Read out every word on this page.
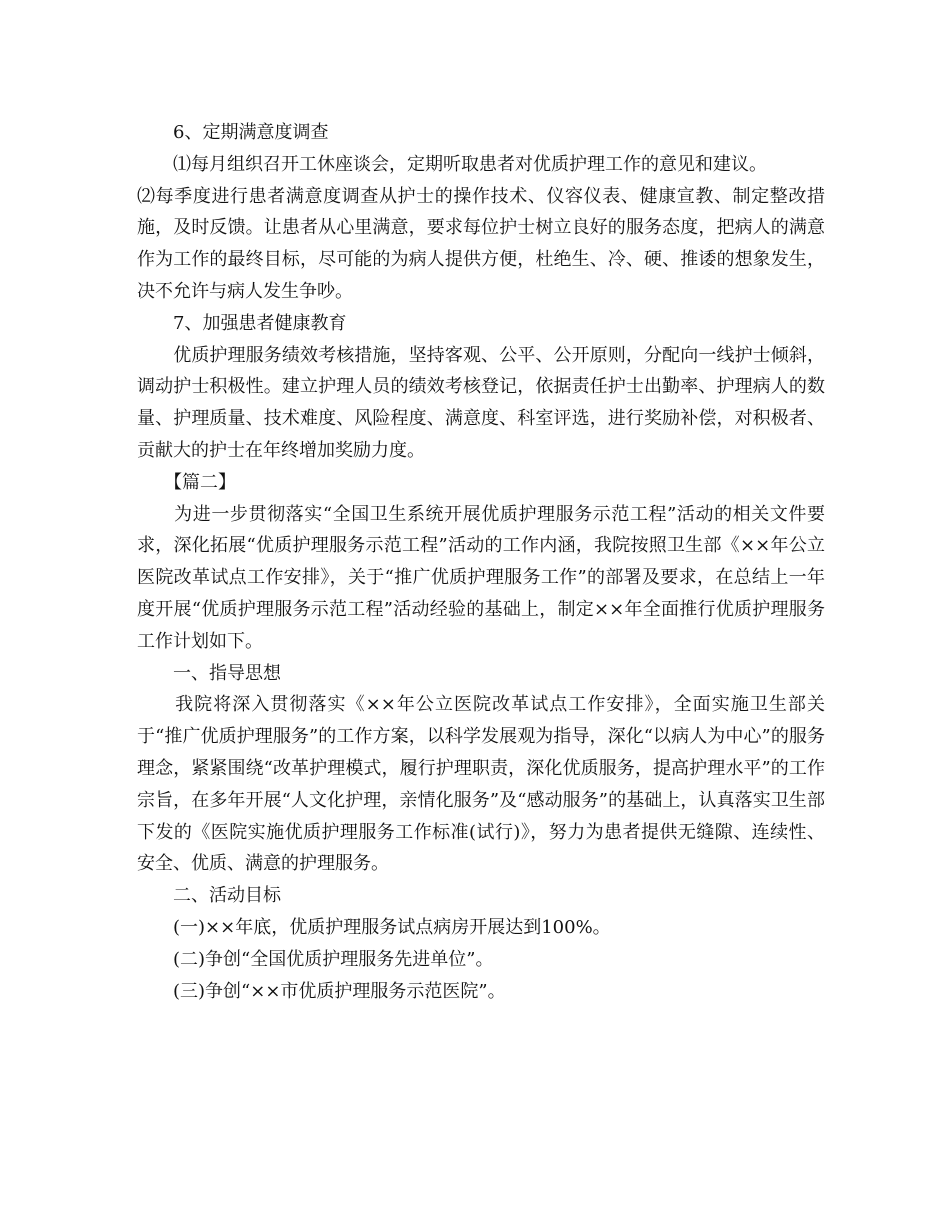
　　6、定期满意度调查

　　⑴每月组织召开工休座谈会，定期听取患者对优质护理工作的意见和建议。

⑵每季度进行患者满意度调查从护士的操作技术、仪容仪表、健康宣教、制定整改措施，及时反馈。让患者从心里满意，要求每位护士树立良好的服务态度，把病人的满意作为工作的最终目标，尽可能的为病人提供方便，杜绝生、冷、硬、推诿的想象发生，决不允许与病人发生争吵。

　　7、加强患者健康教育

　　优质护理服务绩效考核措施，坚持客观、公平、公开原则，分配向一线护士倾斜，调动护士积极性。建立护理人员的绩效考核登记，依据责任护士出勤率、护理病人的数量、护理质量、技术难度、风险程度、满意度、科室评选，进行奖励补偿，对积极者、贡献大的护士在年终增加奖励力度。

　　【篇二】

　　为进一步贯彻落实“全国卫生系统开展优质护理服务示范工程”活动的相关文件要求，深化拓展“优质护理服务示范工程”活动的工作内涵，我院按照卫生部《××年公立医院改革试点工作安排》，关于“推广优质护理服务工作”的部署及要求，在总结上一年度开展“优质护理服务示范工程”活动经验的基础上，制定××年全面推行优质护理服务工作计划如下。

　　一、指导思想

　　我院将深入贯彻落实《××年公立医院改革试点工作安排》，全面实施卫生部关于“推广优质护理服务”的工作方案，以科学发展观为指导，深化“以病人为中心”的服务理念，紧紧围绕“改革护理模式，履行护理职责，深化优质服务，提高护理水平”的工作宗旨，在多年开展“人文化护理，亲情化服务”及“感动服务”的基础上，认真落实卫生部下发的《医院实施优质护理服务工作标准(试行)》，努力为患者提供无缝隙、连续性、安全、优质、满意的护理服务。

　　二、活动目标

　　(一)××年底，优质护理服务试点病房开展达到100%。

　　(二)争创“全国优质护理服务先进单位”。

　　(三)争创“××市优质护理服务示范医院”。
